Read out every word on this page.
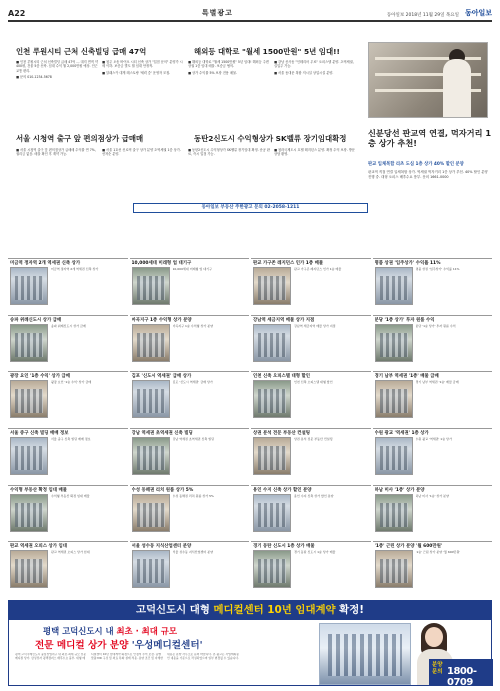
A22	특별광고	동아일보 2018년 11월 29일 목요일 동아일보
인천 루원시티 근처 신축빌딩 급매 47억	해외등 대학로 "월세 1500만원" 5년 임대!!

■ 인천 루원시티 근처 신축빌딩 급매 47억 … 대지 면적 약 400평, 건물 5층 신축. 임대 수익 월 2,000만원 예상. 인근 교통 편리.

■ 문의 010-1234-5678

■ 청주 오송 바이오 시티 신축 상가 "입점 문의" 분양가 시세 이하. 보증금 별도 월 임대 안정적.

■ 알래스카 대게 레스토랑 '세력 중' 운영자 모집.

■ 해외등 대학로 "월세 1500만원" 5년 임대! 해외등 주변 상권 1층 임대 매물. 보증금 협의.

■ 상가 수익률 5% 보장 전용 매물.

■ 강남 신사동 "인테리어 무료" 오피스텔 분양. 초역세권, 실입주 가능.

■ 서울 동대문 복합 저시설 상업시설 분양.

서울 시청역 출구 앞 편의점상가 급매매	동탄2신도시 수익형상가 SK벨류 장기임대확정

■ 서울 시청역 출구 앞 편의점상가 급매매 수익률 연 7%, 권리금 없음. 매물 확인 후 계약 가능.

■ 서울 1호선 신로역 출구 상가 분양 초역세권 1층 상가. 선착순 분양.

■ 동탄2신도시 수익형상가 SK벨류 장기임대 확정. 준공 완료, 즉시 입점 가능.

■ 청라국제도시 호텔 레지던스 분양. 확정 수익 보장. 방문 상담 환영.

신분당선 판교역 연결, 먹자거리 1층 상가 추천!
판교 입체복합 리츠 도심 1층 상가 40% 할인 분양
판교역 직접 연결 입체복합 상가. 역세권 먹자거리 1층 상가 추천. 40% 할인 분양 진행 중. 대형 오피스 배후수요 풍부. 문의 1661-0000
동아일보 부동산 주한광고 문의 02-2058-1211
미금역 정자역 2개 역세권 신축 상가
미금역 정자역 2개 역세권 신축 상가
10,000세대 미래형 업 대기구
10,000세대 미래형 업 대기구
판교 가구존 레지던스 인가 1층 매물
판교 가구존 레지던스 인가 1층 매물
명품 상권 '입주상가' 수익률 11%
명품 상권 '입주상가' 수익률 11%
송파 위례신도시 상가 급매
송파 위례신도시 상가 급매
마곡지구 1층 수익형 상가 분양
마곡지구 1층 수익형 상가 분양
강남역 세금지역 매물 상가 지점
강남역 세금지역 매물 상가 지점
분당 '1층 상가' 투자 원룸 수익
분당 '1층 상가' 투자 원룸 수익
광장 요인 '1층 수익' 상가 급매
광장 요인 '1층 수익' 상가 급매
김포 '신도시 역세권' 급매 상가
김포 '신도시 역세권' 급매 상가
인천 신축 오피스텔 대형 할인
인천 신축 오피스텔 대형 할인
경기 남부 역세권 '1층' 매물 급매
경기 남부 역세권 '1층' 매물 급매
서울 중구 신축 빌딩 매매 정보
서울 중구 신축 빌딩 매매 정보
강남 역세권 초역세권 신축 빌딩
강남 역세권 초역세권 신축 빌딩
상권 분석 전문 부동산 컨설팅
상권 분석 전문 부동산 컨설팅
수원 광교 '역세권' 1층 상가
수원 광교 '역세권' 1층 상가
수익형 부동산 확정 임대 매물
수익형 부동산 확정 임대 매물
수성 동해권 리치 원룸 상가 5%
수성 동해권 리치 원룸 상가 5%
용인 수지 신축 상가 할인 분양
용인 수지 신축 상가 할인 분양
하남 미사 '1층' 상가 분양
하남 미사 '1층' 상가 분양
판교 역세권 오피스 상가 임대
판교 역세권 오피스 상가 임대
서울 성수동 지식산업센터 분양
서울 성수동 지식산업센터 분양
경기 동탄 신도시 1층 상가 매물
경기 동탄 신도시 1층 상가 매물
'1층' 근린 상가 분양 '월 600만원'
'1층' 근린 상가 분양 '월 600만원'
고덕신도시 대형 메디컬센터 10년 임대계약 확정!
평택 고덕신도시 내 최초 · 최대 규모
전문 메디컬 상가 분양 '우성메디컬센터'
평택 고덕국제신도시 중심상업지구 내 최초·최대 규모 전문 메디컬 상가. 삼성전자 평택캠퍼스 배후수요 풍부. 대형 메디컬센터 10년 임대계약 확정으로 안정적 수익 보장. 층별 맞춤 MD 구성 및 의료 특화 설계 적용. 분양 조건 및 자세한 내용은 분양 사무소로 문의 바랍니다. 본 광고는 사업계획승인 내용을 기준으로 작성되었으며 일부 변경될 수 있습니다.
분양 문의 1800-0709
